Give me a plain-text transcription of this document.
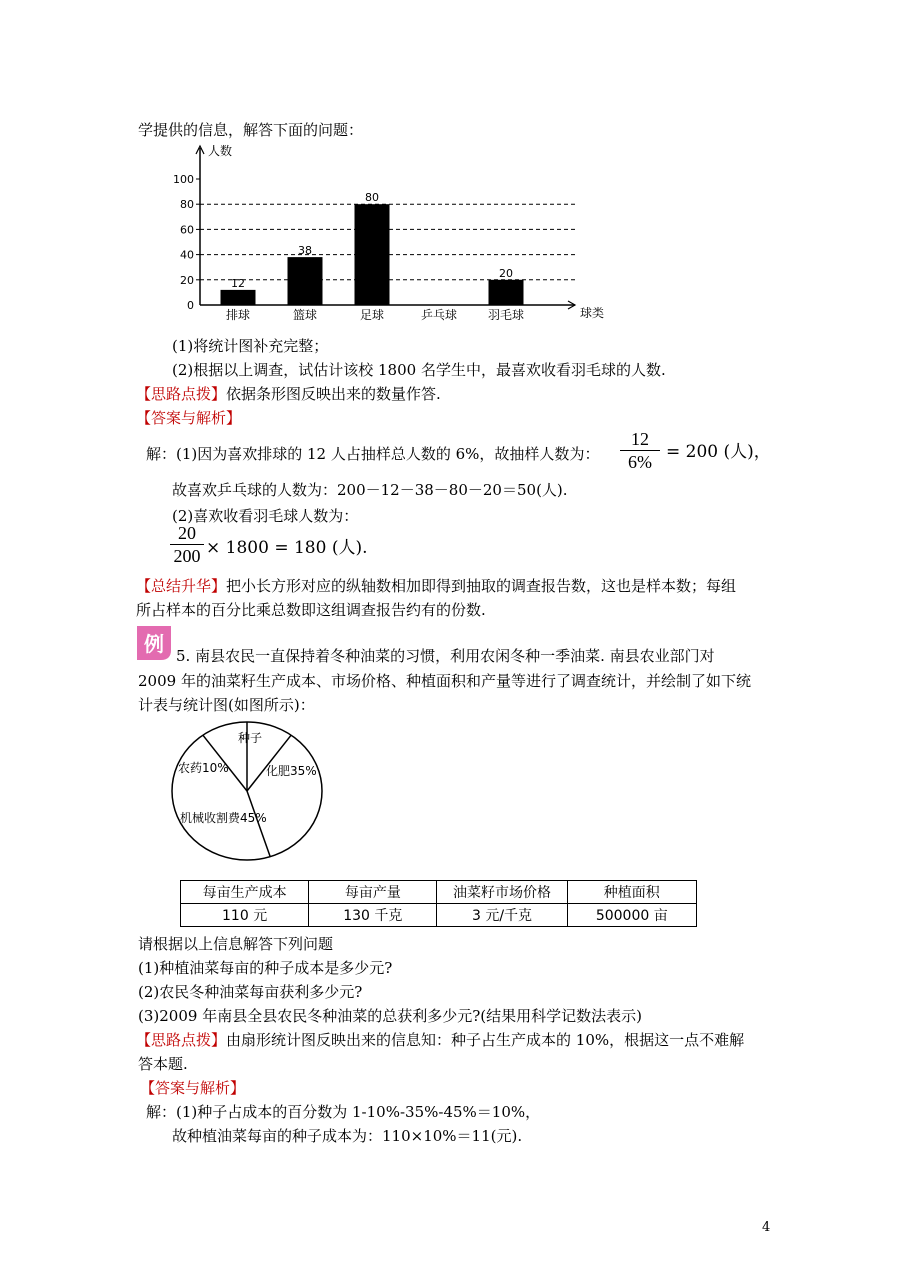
学提供的信息，解答下面的问题：
0
20
40
60
80
100
人数
球类
12
排球
38
篮球
80
足球	乒乓球
20
羽毛球
(1)将统计图补充完整；
(2)根据以上调查，试估计该校 1800 名学生中，最喜欢收看羽毛球的人数.
【思路点拨】依据条形图反映出来的数量作答.
【答案与解析】
解：(1)因为喜欢排球的 12 人占抽样总人数的 6%，故抽样人数为： $\frac{12}{6\%} = 200$ (人)，
故喜欢乒乓球的人数为：200－12－38－80－20＝50(人).
(2)喜欢收看羽毛球人数为：
$\frac{20}{200} \times 1800 = 180$ (人).
【总结升华】把小长方形对应的纵轴数相加即得到抽取的调查报告数，这也是样本数；每组
所占样本的百分比乘总数即这组调查报告约有的份数.
例 5. 南县农民一直保持着冬种油菜的习惯，利用农闲冬种一季油菜. 南县农业部门对
2009 年的油菜籽生产成本、市场价格、种植面积和产量等进行了调查统计，并绘制了如下统
计表与统计图(如图所示)：
种子
化肥35%
机械收割费45%
农药10%
每亩生产成本	每亩产量	油菜籽市场价格	种植面积
110 元	130 千克	3 元/千克	500000 亩
请根据以上信息解答下列问题
(1)种植油菜每亩的种子成本是多少元?
(2)农民冬种油菜每亩获利多少元?
(3)2009 年南县全县农民冬种油菜的总获利多少元?(结果用科学记数法表示)
【思路点拨】由扇形统计图反映出来的信息知：种子占生产成本的 10%，根据这一点不难解
答本题.
【答案与解析】
解：(1)种子占成本的百分数为 1-10%-35%-45%＝10%，
故种植油菜每亩的种子成本为：110×10%＝11(元).
4
